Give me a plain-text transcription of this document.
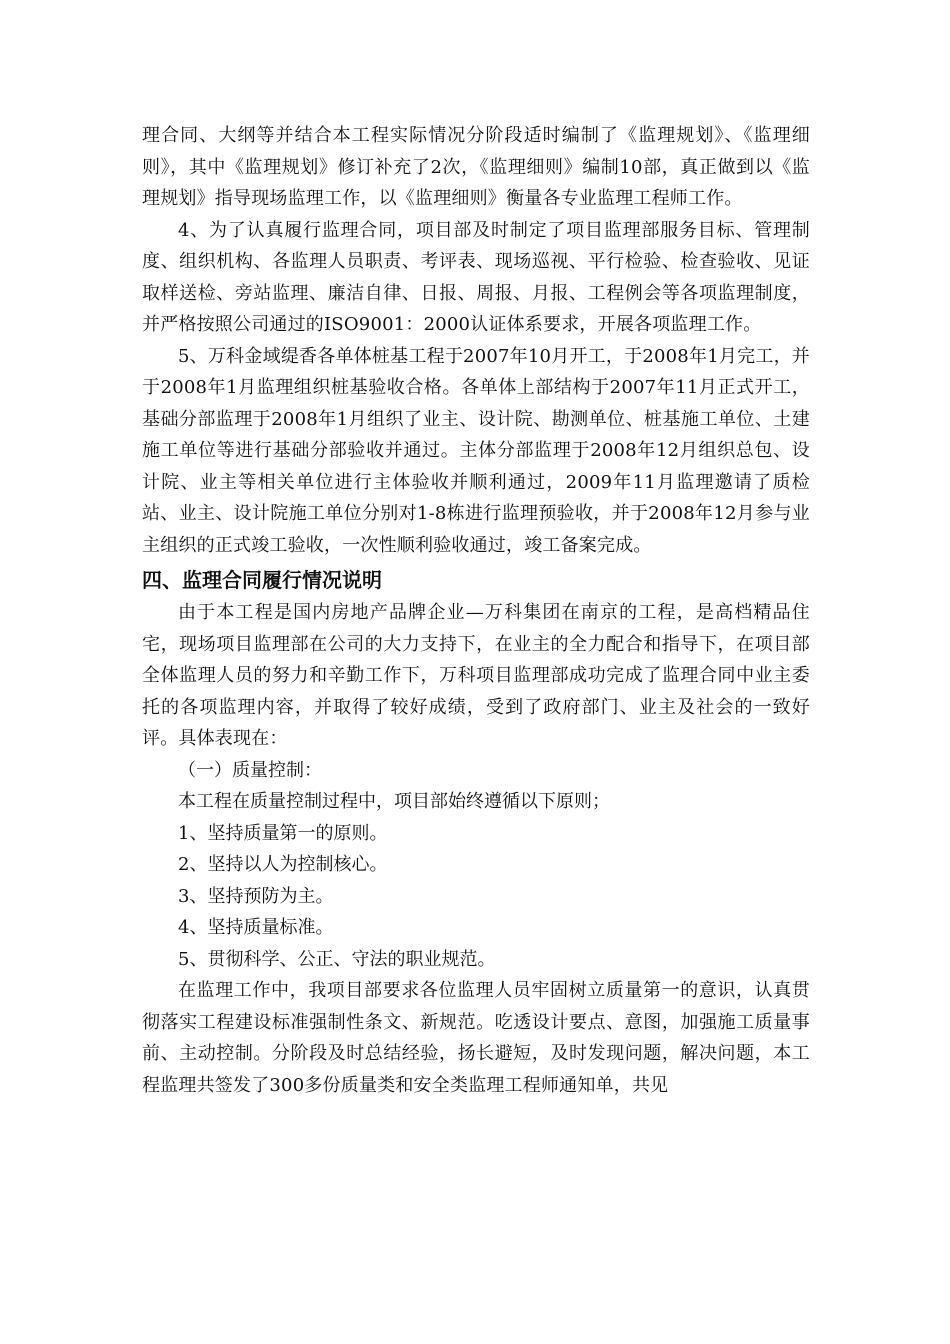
理合同、大纲等并结合本工程实际情况分阶段适时编制了《监理规划》、《监理细则》，其中《监理规划》修订补充了2次，《监理细则》编制10部，真正做到以《监理规划》指导现场监理工作，以《监理细则》衡量各专业监理工程师工作。

4、为了认真履行监理合同，项目部及时制定了项目监理部服务目标、管理制度、组织机构、各监理人员职责、考评表、现场巡视、平行检验、检查验收、见证取样送检、旁站监理、廉洁自律、日报、周报、月报、工程例会等各项监理制度，并严格按照公司通过的ISO9001：2000认证体系要求，开展各项监理工作。

5、万科金域缇香各单体桩基工程于2007年10月开工，于2008年1月完工，并于2008年1月监理组织桩基验收合格。各单体上部结构于2007年11月正式开工，基础分部监理于2008年1月组织了业主、设计院、勘测单位、桩基施工单位、土建施工单位等进行基础分部验收并通过。主体分部监理于2008年12月组织总包、设计院、业主等相关单位进行主体验收并顺利通过，2009年11月监理邀请了质检站、业主、设计院施工单位分别对1-8栋进行监理预验收，并于2008年12月参与业主组织的正式竣工验收，一次性顺利验收通过，竣工备案完成。

四、监理合同履行情况说明

由于本工程是国内房地产品牌企业—万科集团在南京的工程，是高档精品住宅，现场项目监理部在公司的大力支持下，在业主的全力配合和指导下，在项目部全体监理人员的努力和辛勤工作下，万科项目监理部成功完成了监理合同中业主委托的各项监理内容，并取得了较好成绩，受到了政府部门、业主及社会的一致好评。具体表现在：

（一）质量控制：

本工程在质量控制过程中，项目部始终遵循以下原则；

1、坚持质量第一的原则。

2、坚持以人为控制核心。

3、坚持预防为主。

4、坚持质量标准。

5、贯彻科学、公正、守法的职业规范。

在监理工作中，我项目部要求各位监理人员牢固树立质量第一的意识，认真贯彻落实工程建设标准强制性条文、新规范。吃透设计要点、意图，加强施工质量事前、主动控制。分阶段及时总结经验，扬长避短，及时发现问题，解决问题，本工程监理共签发了300多份质量类和安全类监理工程师通知单，共见
